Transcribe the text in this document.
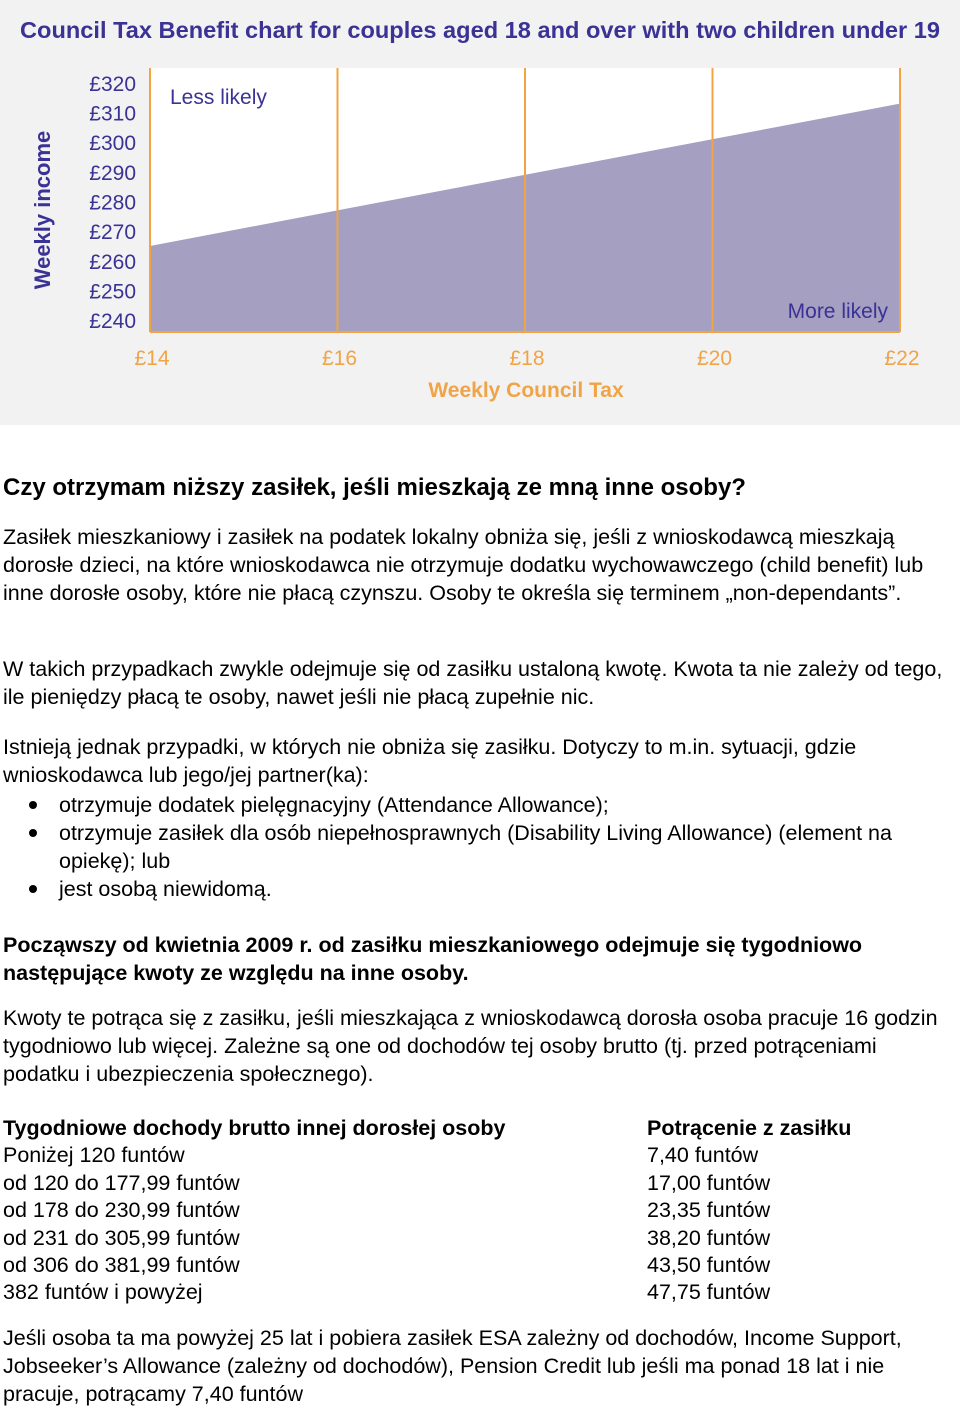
Council Tax Benefit chart for couples aged 18 and over with two children under 19
£320
£310
£300
£290
£280
£270
£260
£250
£240
£14	£16	£18	£20	£22
Weekly income
Weekly Council Tax
Less likely
More likely
Czy otrzymam niższy zasiłek, jeśli mieszkają ze mną inne osoby?

Zasiłek mieszkaniowy i zasiłek na podatek lokalny obniża się, jeśli z wnioskodawcą mieszkają dorosłe dzieci, na które wnioskodawca nie otrzymuje dodatku wychowawczego (child benefit) lub inne dorosłe osoby, które nie płacą czynszu. Osoby te określa się terminem „non-dependants”.

W takich przypadkach zwykle odejmuje się od zasiłku ustaloną kwotę. Kwota ta nie zależy od tego, ile pieniędzy płacą te osoby, nawet jeśli nie płacą zupełnie nic.

Istnieją jednak przypadki, w których nie obniża się zasiłku. Dotyczy to m.in. sytuacji, gdzie wnioskodawca lub jego/jej partner(ka):

otrzymuje dodatek pielęgnacyjny (Attendance Allowance);
otrzymuje zasiłek dla osób niepełnosprawnych (Disability Living Allowance) (element na opiekę); lub
jest osobą niewidomą.

Począwszy od kwietnia 2009 r. od zasiłku mieszkaniowego odejmuje się tygodniowo następujące kwoty ze względu na inne osoby.

Kwoty te potrąca się z zasiłku, jeśli mieszkająca z wnioskodawcą dorosła osoba pracuje 16 godzin tygodniowo lub więcej. Zależne są one od dochodów tej osoby brutto (tj. przed potrąceniami podatku i ubezpieczenia społecznego).

Tygodniowe dochody brutto innej dorosłej osoby	Potrącenie z zasiłku
Poniżej 120 funtów	7,40 funtów
od 120 do 177,99 funtów	17,00 funtów
od 178 do 230,99 funtów	23,35 funtów
od 231 do 305,99 funtów	38,20 funtów
od 306 do 381,99 funtów	43,50 funtów
382 funtów i powyżej	47,75 funtów

Jeśli osoba ta ma powyżej 25 lat i pobiera zasiłek ESA zależny od dochodów, Income Support, Jobseeker’s Allowance (zależny od dochodów), Pension Credit lub jeśli ma ponad 18 lat i nie pracuje, potrącamy 7,40 funtów
